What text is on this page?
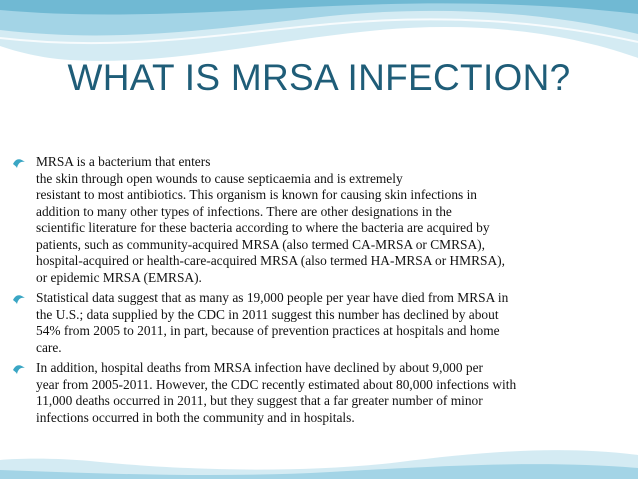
WHAT IS MRSA INFECTION?
MRSA is a bacterium that enters
the skin through open wounds to cause septicaemia and is extremely
resistant to most antibiotics. This organism is known for causing skin infections in
addition to many other types of infections. There are other designations in the
scientific literature for these bacteria according to where the bacteria are acquired by
patients, such as community-acquired MRSA (also termed CA-MRSA or CMRSA),
hospital-acquired or health-care-acquired MRSA (also termed HA-MRSA or HMRSA),
or epidemic MRSA (EMRSA).
Statistical data suggest that as many as 19,000 people per year have died from MRSA in
the U.S.; data supplied by the CDC in 2011 suggest this number has declined by about
54% from 2005 to 2011, in part, because of prevention practices at hospitals and home
care.
In addition, hospital deaths from MRSA infection have declined by about 9,000 per
year from 2005-2011. However, the CDC recently estimated about 80,000 infections with
11,000 deaths occurred in 2011, but they suggest that a far greater number of minor
infections occurred in both the community and in hospitals.
